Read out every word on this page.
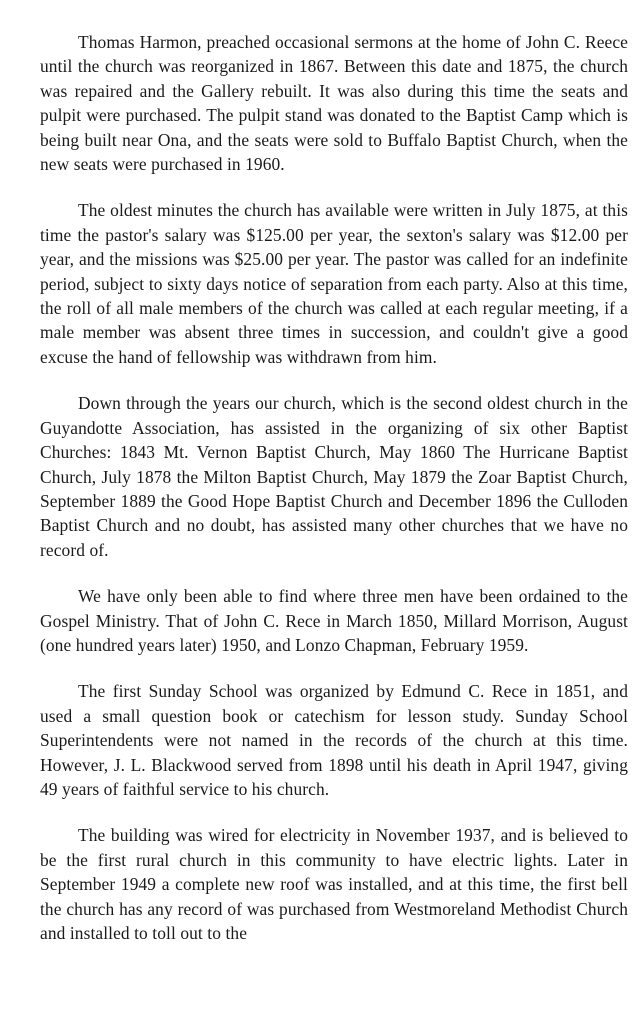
Thomas Harmon, preached occasional sermons at the home of John C. Reece until the church was reorganized in 1867. Between this date and 1875, the church was repaired and the Gallery rebuilt. It was also during this time the seats and pulpit were purchased. The pulpit stand was donated to the Baptist Camp which is being built near Ona, and the seats were sold to Buffalo Baptist Church, when the new seats were purchased in 1960.

The oldest minutes the church has available were written in July 1875, at this time the pastor's salary was $125.00 per year, the sexton's salary was $12.00 per year, and the missions was $25.00 per year. The pastor was called for an indefinite period, subject to sixty days notice of separation from each party. Also at this time, the roll of all male members of the church was called at each regular meeting, if a male member was absent three times in succession, and couldn't give a good excuse the hand of fellowship was withdrawn from him.

Down through the years our church, which is the second oldest church in the Guyandotte Association, has assisted in the organizing of six other Baptist Churches: 1843 Mt. Vernon Baptist Church, May 1860 The Hurricane Baptist Church, July 1878 the Milton Baptist Church, May 1879 the Zoar Baptist Church, September 1889 the Good Hope Baptist Church and December 1896 the Culloden Baptist Church and no doubt, has assisted many other churches that we have no record of.

We have only been able to find where three men have been ordained to the Gospel Ministry. That of John C. Rece in March 1850, Millard Morrison, August (one hundred years later) 1950, and Lonzo Chapman, February 1959.

The first Sunday School was organized by Edmund C. Rece in 1851, and used a small question book or catechism for lesson study. Sunday School Superintendents were not named in the records of the church at this time. However, J. L. Blackwood served from 1898 until his death in April 1947, giving 49 years of faithful service to his church.

The building was wired for electricity in November 1937, and is believed to be the first rural church in this community to have electric lights. Later in September 1949 a complete new roof was installed, and at this time, the first bell the church has any record of was purchased from Westmoreland Methodist Church and installed to toll out to the
